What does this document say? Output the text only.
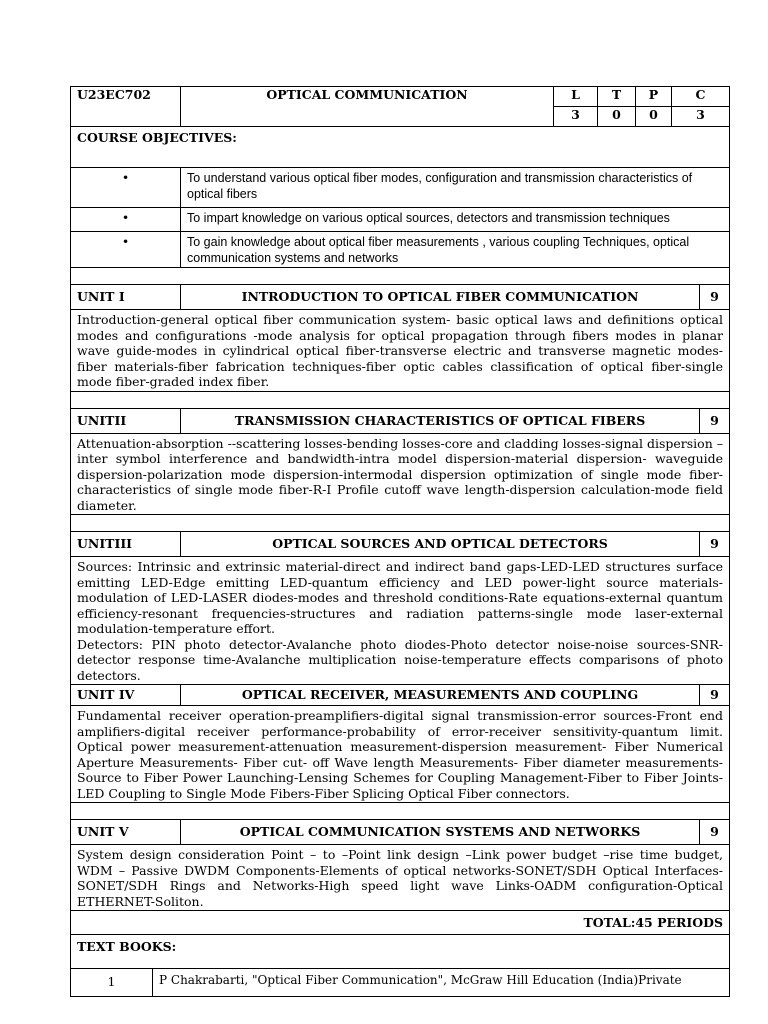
U23EC702		OPTICAL COMMUNICATION	L	T	P	C	
			3	0	0	3	
COURSE OBJECTIVES:							
•		To understand various optical fiber modes, configuration and transmission characteristics of optical fibers					
•		To impart knowledge on various optical sources, detectors and transmission techniques					
•		To gain knowledge about optical fiber measurements , various coupling Techniques, optical communication systems and networks					

UNIT I		INTRODUCTION TO OPTICAL FIBER COMMUNICATION					9
Introduction-general optical fiber communication system- basic optical laws and definitions optical modes and configurations -mode analysis for optical propagation through fibers modes in planar wave guide-modes in cylindrical optical fiber-transverse electric and transverse magnetic modes- fiber materials-fiber fabrication techniques-fiber optic cables classification of optical fiber-single mode fiber-graded index fiber.							

UNITII		TRANSMISSION CHARACTERISTICS OF OPTICAL FIBERS					9
Attenuation-absorption --scattering losses-bending losses-core and cladding losses-signal dispersion – inter symbol interference and bandwidth-intra model dispersion-material dispersion- waveguide dispersion-polarization mode dispersion-intermodal dispersion optimization of single mode fiber-characteristics of single mode fiber-R-I Profile cutoff wave length-dispersion calculation-mode field diameter.							

UNITIII		OPTICAL SOURCES AND OPTICAL DETECTORS					9

Sources: Intrinsic and extrinsic material-direct and indirect band gaps-LED-LED structures surface emitting LED-Edge emitting LED-quantum efficiency and LED power-light source materials-modulation of LED-LASER diodes-modes and threshold conditions-Rate equations-external quantum efficiency-resonant frequencies-structures and radiation patterns-single mode laser-external modulation-temperature effort.
Detectors: PIN photo detector-Avalanche photo diodes-Photo detector noise-noise sources-SNR-detector response time-Avalanche multiplication noise-temperature effects comparisons of photo detectors.							

UNIT IV		OPTICAL RECEIVER, MEASUREMENTS AND COUPLING					9
Fundamental receiver operation-preamplifiers-digital signal transmission-error sources-Front end amplifiers-digital receiver performance-probability of error-receiver sensitivity-quantum limit. Optical power measurement-attenuation measurement-dispersion measurement- Fiber Numerical Aperture Measurements- Fiber cut- off Wave length Measurements- Fiber diameter measurements-Source to Fiber Power Launching-Lensing Schemes for Coupling Management-Fiber to Fiber Joints-LED Coupling to Single Mode Fibers-Fiber Splicing Optical Fiber connectors.							

UNIT V		OPTICAL COMMUNICATION SYSTEMS AND NETWORKS					9
System design consideration Point – to –Point link design –Link power budget –rise time budget, WDM – Passive DWDM Components-Elements of optical networks-SONET/SDH Optical Interfaces-SONET/SDH Rings and Networks-High speed light wave Links-OADM configuration-Optical ETHERNET-Soliton.							
TOTAL:45 PERIODS							
TEXT BOOKS:							
1	P Chakrabarti, "Optical Fiber Communication", McGraw Hill Education (India)Private						
